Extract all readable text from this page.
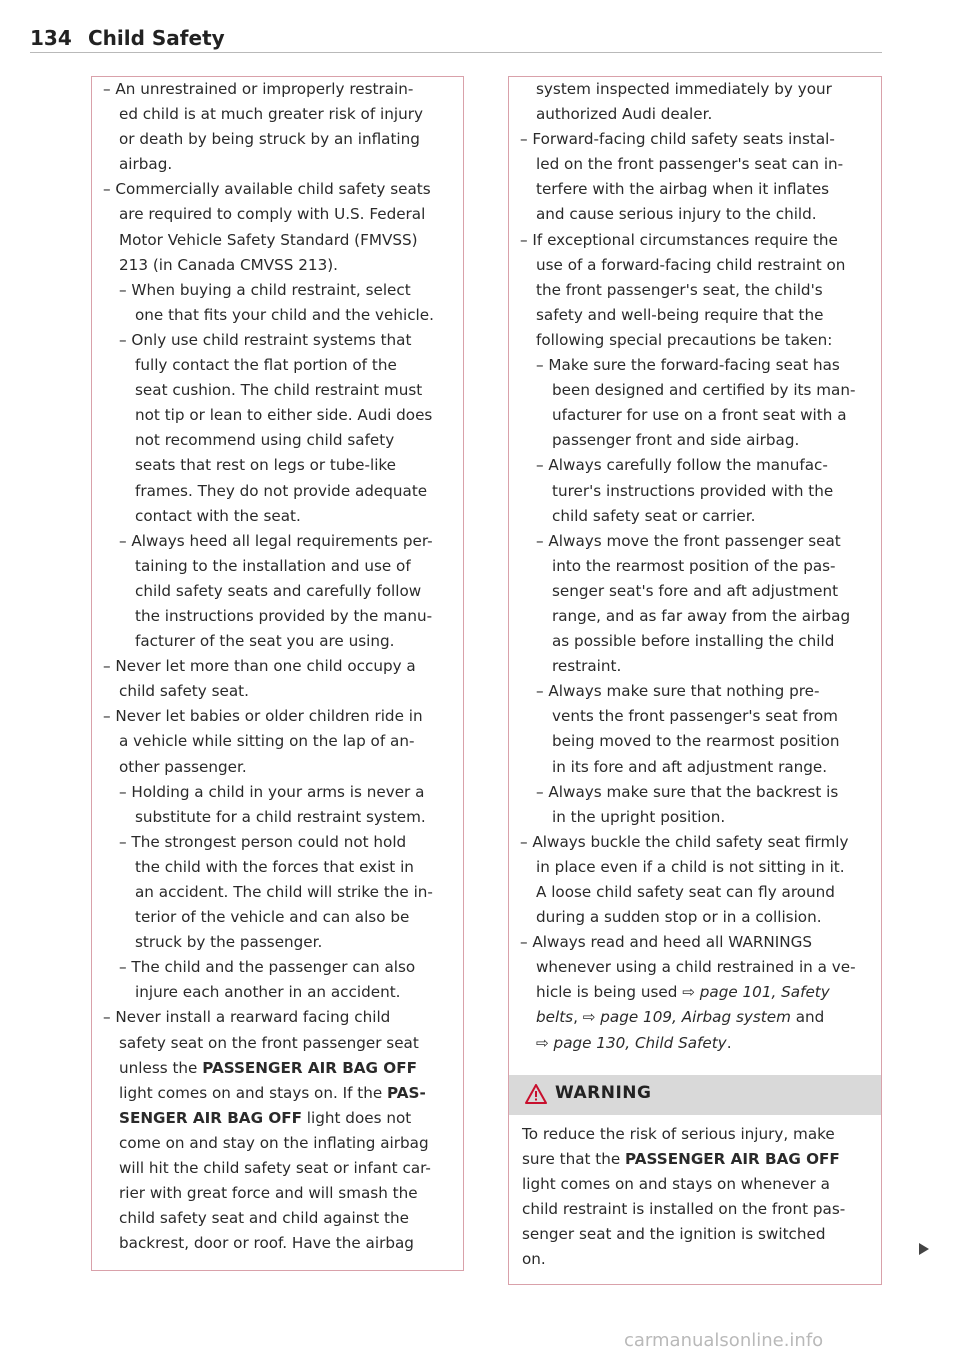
134 Child Safety
– An unrestrained or improperly restrain-
ed child is at much greater risk of injury
or death by being struck by an inflating
airbag.
– Commercially available child safety seats
are required to comply with U.S. Federal
Motor Vehicle Safety Standard (FMVSS)
213 (in Canada CMVSS 213).
– When buying a child restraint, select
one that fits your child and the vehicle.
– Only use child restraint systems that
fully contact the flat portion of the
seat cushion. The child restraint must
not tip or lean to either side. Audi does
not recommend using child safety
seats that rest on legs or tube-like
frames. They do not provide adequate
contact with the seat.
– Always heed all legal requirements per-
taining to the installation and use of
child safety seats and carefully follow
the instructions provided by the manu-
facturer of the seat you are using.
– Never let more than one child occupy a
child safety seat.
– Never let babies or older children ride in
a vehicle while sitting on the lap of an-
other passenger.
– Holding a child in your arms is never a
substitute for a child restraint system.
– The strongest person could not hold
the child with the forces that exist in
an accident. The child will strike the in-
terior of the vehicle and can also be
struck by the passenger.
– The child and the passenger can also
injure each another in an accident.
– Never install a rearward facing child
safety seat on the front passenger seat
unless the PASSENGER AIR BAG OFF
light comes on and stays on. If the PAS-
SENGER AIR BAG OFF light does not
come on and stay on the inflating airbag
will hit the child safety seat or infant car-
rier with great force and will smash the
child safety seat and child against the
backrest, door or roof. Have the airbag
system inspected immediately by your
authorized Audi dealer.
– Forward-facing child safety seats instal-
led on the front passenger's seat can in-
terfere with the airbag when it inflates
and cause serious injury to the child.
– If exceptional circumstances require the
use of a forward-facing child restraint on
the front passenger's seat, the child's
safety and well-being require that the
following special precautions be taken:
– Make sure the forward-facing seat has
been designed and certified by its man-
ufacturer for use on a front seat with a
passenger front and side airbag.
– Always carefully follow the manufac-
turer's instructions provided with the
child safety seat or carrier.
– Always move the front passenger seat
into the rearmost position of the pas-
senger seat's fore and aft adjustment
range, and as far away from the airbag
as possible before installing the child
restraint.
– Always make sure that nothing pre-
vents the front passenger's seat from
being moved to the rearmost position
in its fore and aft adjustment range.
– Always make sure that the backrest is
in the upright position.
– Always buckle the child safety seat firmly
in place even if a child is not sitting in it.
A loose child safety seat can fly around
during a sudden stop or in a collision.
– Always read and heed all WARNINGS
whenever using a child restrained in a ve-
hicle is being used ⇨ page 101, Safety
belts, ⇨ page 109, Airbag system and
⇨ page 130, Child Safety.
WARNING
To reduce the risk of serious injury, make
sure that the PASSENGER AIR BAG OFF
light comes on and stays on whenever a
child restraint is installed on the front pas-
senger seat and the ignition is switched
on.
carmanualsonline.info
